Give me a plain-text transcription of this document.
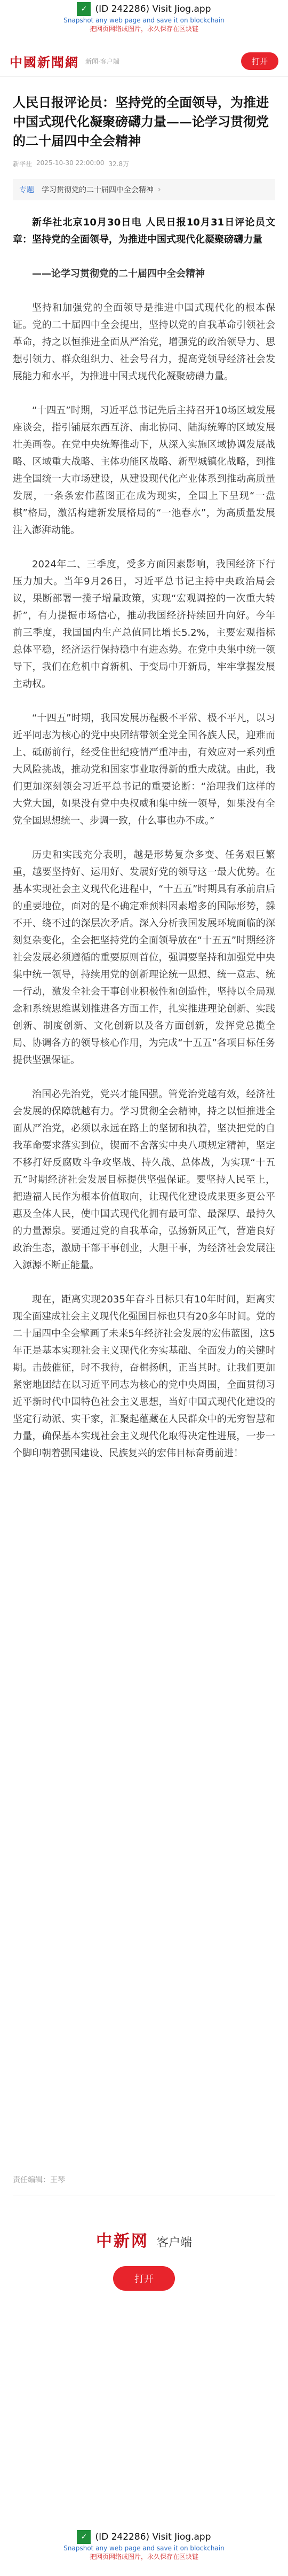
✓ (ID 242286) Visit Jiog.app
Snapshot any web page and save it on blockchain
把网页网络成图片，永久保存在区块链
中國新聞網 新闻·客户端	打开
人民日报评论员：坚持党的全面领导，为推进中国式现代化凝聚磅礴力量——论学习贯彻党的二十届四中全会精神
新华社 2025-10-30 22:00:00 32.8万
专题 学习贯彻党的二十届四中全会精神 ›

新华社北京10月30日电 人民日报10月31日评论员文章：坚持党的全面领导，为推进中国式现代化凝聚磅礴力量

——论学习贯彻党的二十届四中全会精神

坚持和加强党的全面领导是推进中国式现代化的根本保证。党的二十届四中全会提出，坚持以党的自我革命引领社会革命，持之以恒推进全面从严治党，增强党的政治领导力、思想引领力、群众组织力、社会号召力，提高党领导经济社会发展能力和水平，为推进中国式现代化凝聚磅礴力量。

“十四五”时期，习近平总书记先后主持召开10场区域发展座谈会，指引铺展东西互济、南北协同、陆海统筹的区域发展壮美画卷。在党中央统筹推动下，从深入实施区域协调发展战略、区域重大战略、主体功能区战略、新型城镇化战略，到推进全国统一大市场建设，从建设现代化产业体系到推动高质量发展，一条条宏伟蓝图正在成为现实，全国上下呈现“一盘棋”格局，激活构建新发展格局的“一池春水”，为高质量发展注入澎湃动能。

2024年二、三季度，受多方面因素影响，我国经济下行压力加大。当年9月26日，习近平总书记主持中央政治局会议，果断部署一揽子增量政策，实现“宏观调控的一次重大转折”，有力提振市场信心，推动我国经济持续回升向好。今年前三季度，我国国内生产总值同比增长5.2%，主要宏观指标总体平稳，经济运行保持稳中有进态势。在党中央集中统一领导下，我们在危机中育新机、于变局中开新局，牢牢掌握发展主动权。

“十四五”时期，我国发展历程极不平常、极不平凡，以习近平同志为核心的党中央团结带领全党全国各族人民，迎难而上、砥砺前行，经受住世纪疫情严重冲击，有效应对一系列重大风险挑战，推动党和国家事业取得新的重大成就。由此，我们更加深刻领会习近平总书记的重要论断：“治理我们这样的大党大国，如果没有党中央权威和集中统一领导，如果没有全党全国思想统一、步调一致，什么事也办不成。”

历史和实践充分表明，越是形势复杂多变、任务艰巨繁重，越要坚持好、运用好、发展好党的领导这一最大优势。在基本实现社会主义现代化进程中，“十五五”时期具有承前启后的重要地位，面对的是不确定难预料因素增多的国际形势，躲不开、绕不过的深层次矛盾。深入分析我国发展环境面临的深刻复杂变化，全会把坚持党的全面领导放在“十五五”时期经济社会发展必须遵循的重要原则首位，强调要坚持和加强党中央集中统一领导，持续用党的创新理论统一思想、统一意志、统一行动，激发全社会干事创业积极性和创造性，坚持以全局观念和系统思维谋划推进各方面工作，扎实推进理论创新、实践创新、制度创新、文化创新以及各方面创新，发挥党总揽全局、协调各方的领导核心作用，为完成“十五五”各项目标任务提供坚强保证。

治国必先治党，党兴才能国强。管党治党越有效，经济社会发展的保障就越有力。学习贯彻全会精神，持之以恒推进全面从严治党，必须以永远在路上的坚韧和执着，坚决把党的自我革命要求落实到位，锲而不舍落实中央八项规定精神，坚定不移打好反腐败斗争攻坚战、持久战、总体战，为实现“十五五”时期经济社会发展目标提供坚强保证。要坚持人民至上，把造福人民作为根本价值取向，让现代化建设成果更多更公平惠及全体人民，使中国式现代化拥有最可靠、最深厚、最持久的力量源泉。要通过党的自我革命，弘扬新风正气，营造良好政治生态，激励干部干事创业，大胆干事，为经济社会发展注入源源不断正能量。

现在，距离实现2035年奋斗目标只有10年时间，距离实现全面建成社会主义现代化强国目标也只有20多年时间。党的二十届四中全会擘画了未来5年经济社会发展的宏伟蓝图，这5年正是基本实现社会主义现代化夯实基础、全面发力的关键时期。击鼓催征，时不我待，奋楫扬帆，正当其时。让我们更加紧密地团结在以习近平同志为核心的党中央周围，全面贯彻习近平新时代中国特色社会主义思想，当好中国式现代化建设的坚定行动派、实干家，汇聚起蕴藏在人民群众中的无穷智慧和力量，确保基本实现社会主义现代化取得决定性进展，一步一个脚印朝着强国建设、民族复兴的宏伟目标奋勇前进！

责任编辑：王琴
中新网 客户端
打开
✓ (ID 242286) Visit Jiog.app
Snapshot any web page and save it on blockchain
把网页网络成图片，永久保存在区块链
